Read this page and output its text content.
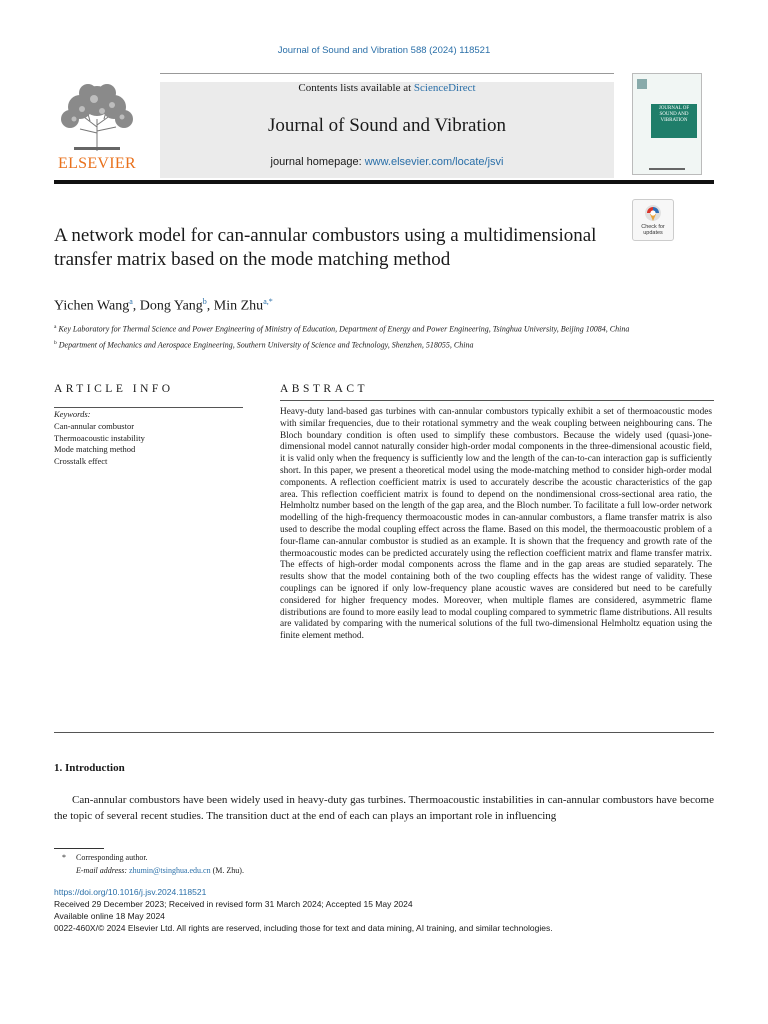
Journal of Sound and Vibration 588 (2024) 118521
ELSEVIER
Contents lists available at ScienceDirect
Journal of Sound and Vibration
journal homepage: www.elsevier.com/locate/jsvi
JOURNAL OF SOUND AND VIBRATION
Check for updates
A network model for can-annular combustors using a multidimensional transfer matrix based on the mode matching method
Yichen Wang$^a$, Dong Yang$^b$, Min Zhu$^{a,*}$
$^a$ Key Laboratory for Thermal Science and Power Engineering of Ministry of Education, Department of Energy and Power Engineering, Tsinghua University, Beijing 10084, China
$^b$ Department of Mechanics and Aerospace Engineering, Southern University of Science and Technology, Shenzhen, 518055, China
ARTICLE INFO	ABSTRACT
Keywords:
Can-annular combustor
Thermoacoustic instability
Mode matching method
Crosstalk effect

Heavy-duty land-based gas turbines with can-annular combustors typically exhibit a set of thermoacoustic modes with similar frequencies, due to their rotational symmetry and the weak coupling between neighbouring cans. The Bloch boundary condition is often used to simplify these combustors. Because the widely used (quasi-)one-dimensional model cannot naturally consider high-order modal components in the three-dimensional acoustic field, it is valid only when the frequency is sufficiently low and the length of the can-to-can interaction gap is sufficiently short. In this paper, we present a theoretical model using the mode-matching method to consider high-order modal components. A reflection coefficient matrix is used to accurately describe the acoustic characteristics of the gap area. This reflection coefficient matrix is found to depend on the nondimensional cross-sectional area ratio, the Helmholtz number based on the length of the gap area, and the Bloch number. To facilitate a full low-order network modelling of the high-frequency thermoacoustic modes in can-annular combustors, a flame transfer matrix is also used to describe the modal coupling effect across the flame. Based on this model, the thermoacoustic problem of a four-flame can-annular combustor is studied as an example. It is shown that the frequency and growth rate of the thermoacoustic modes can be predicted accurately using the reflection coefficient matrix and flame transfer matrix. The effects of high-order modal components across the flame and in the gap areas are studied separately. The results show that the model containing both of the two coupling effects has the widest range of validity. These couplings can be ignored if only low-frequency plane acoustic waves are considered but need to be carefully considered for higher frequency modes. Moreover, when multiple flames are considered, asymmetric flame distributions are found to more easily lead to modal coupling compared to symmetric flame distributions. All results are validated by comparing with the numerical solutions of the full two-dimensional Helmholtz equation using the finite element method.

1. Introduction

Can-annular combustors have been widely used in heavy-duty gas turbines. Thermoacoustic instabilities in can-annular combustors have become the topic of several recent studies. The transition duct at the end of each can plays an important role in influencing

* Corresponding author.
E-mail address: zhumin@tsinghua.edu.cn (M. Zhu).
https://doi.org/10.1016/j.jsv.2024.118521
Received 29 December 2023; Received in revised form 31 March 2024; Accepted 15 May 2024
Available online 18 May 2024
0022-460X/© 2024 Elsevier Ltd. All rights are reserved, including those for text and data mining, AI training, and similar technologies.
